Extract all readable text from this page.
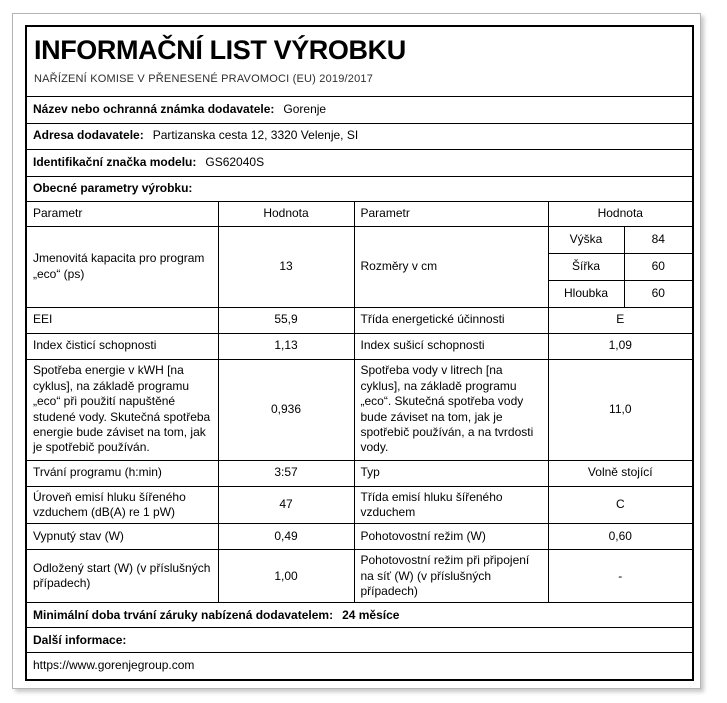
INFORMAČNÍ LIST VÝROBKU
NAŘÍZENÍ KOMISE V PŘENESENÉ PRAVOMOCI (EU) 2019/2017				

Název nebo ochranná známka dodavatele: Gorenje				
Adresa dodavatele: Partizanska cesta 12, 3320 Velenje, SI				
Identifikační značka modelu: GS62040S				
Obecné parametry výrobku:				
Parametr	Hodnota	Parametr	Hodnota	
Jmenovitá kapacita pro program „eco“ (ps)	13	Rozměry v cm	Výška	84
			Šířka	60
			Hloubka	60
EEI	55,9	Třída energetické účinnosti	E	
Index čisticí schopnosti	1,13	Index sušicí schopnosti	1,09	
Spotřeba energie v kWH [na cyklus], na základě programu „eco“ při použití napuštěné studené vody. Skutečná spotřeba energie bude záviset na tom, jak je spotřebič používán.	0,936	Spotřeba vody v litrech [na cyklus], na základě programu „eco“. Skutečná spotřeba vody bude záviset na tom, jak je spotřebič používán, a na tvrdosti vody.	11,0	
Trvání programu (h:min)	3:57	Typ	Volně stojící	
Úroveň emisí hluku šířeného vzduchem (dB(A) re 1 pW)	47	Třída emisí hluku šířeného vzduchem	C	
Vypnutý stav (W)	0,49	Pohotovostní režim (W)	0,60	
Odložený start (W) (v příslušných případech)	1,00	Pohotovostní režim při připojení na síť (W) (v příslušných případech)	-	
Minimální doba trvání záruky nabízená dodavatelem: 24 měsíce				
Další informace:				
https://www.gorenjegroup.com				
